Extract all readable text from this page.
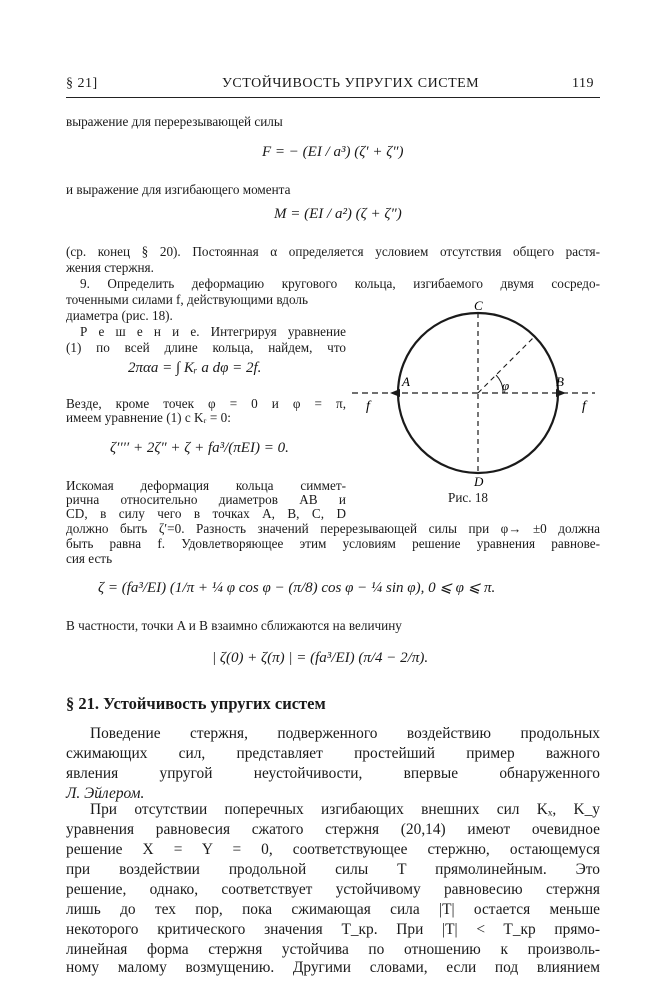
§ 21]	УСТОЙЧИВОСТЬ УПРУГИХ СИСТЕМ	119
выражение для перерезывающей силы
F = − (EI / a³) (ζ′ + ζ″)
и выражение для изгибающего момента
M = (EI / a²) (ζ + ζ″)
(ср. конец § 20). Постоянная α определяется условием отсутствия общего растя-
жения стержня.
9. Определить деформацию кругового кольца, изгибаемого двумя сосредо-
точенными силами f, действующими вдоль
диаметра (рис. 18).
Р е ш е н и е. Интегрируя уравнение
(1) по всей длине кольца, найдем, что
2παa = ∫ Kᵣ a dφ = 2f.
Везде, кроме точек φ = 0 и φ = π,
имеем уравнение (1) с Kᵣ = 0:
ζ′′′′ + 2ζ″ + ζ + fa³/(πEI) = 0.
Искомая деформация кольца симмет-
рична относительно диаметров AB и
CD, в силу чего в точках A, B, C, D
должно быть ζ′=0. Разность значений перерезывающей силы при φ→ ±0 должна
быть равна f. Удовлетворяющее этим условиям решение уравнения равнове-
сия есть
ζ = (fa³/EI) (1/π + ¼ φ cos φ − (π/8) cos φ − ¼ sin φ), 0 ⩽ φ ⩽ π.
В частности, точки A и B взаимно сближаются на величину
| ζ(0) + ζ(π) | = (fa³/EI) (π/4 − 2/π).
C
D
A	B
f	f
φ
Рис. 18
§ 21. Устойчивость упругих систем
Поведение стержня, подверженного воздействию продольных
сжимающих сил, представляет простейший пример важного
явления упругой неустойчивости, впервые обнаруженного
Л. Эйлером.
При отсутствии поперечных изгибающих внешних сил Kₓ, K_y
уравнения равновесия сжатого стержня (20,14) имеют очевидное
решение X = Y = 0, соответствующее стержню, остающемуся
при воздействии продольной силы T прямолинейным. Это
решение, однако, соответствует устойчивому равновесию стержня
лишь до тех пор, пока сжимающая сила |T| остается меньше
некоторого критического значения T_кр. При |T| < T_кр прямо-
линейная форма стержня устойчива по отношению к произволь-
ному малому возмущению. Другими словами, если под влиянием
